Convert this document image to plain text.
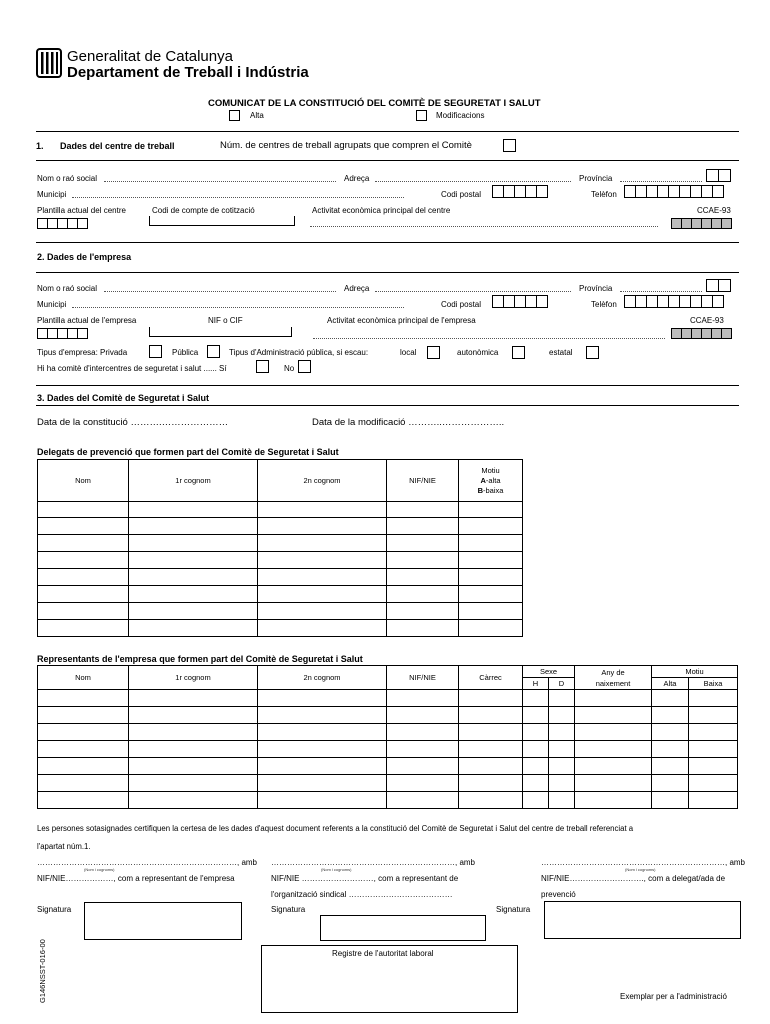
Generalitat de Catalunya
Departament de Treball i Indústria
COMUNICAT DE LA CONSTITUCIÓ DEL COMITÈ DE SEGURETAT I SALUT
Alta	Modificacions
1. Dades del centre de treball	Núm. de centres de treball agrupats que compren el Comitè
Nom o raó social	Adreça	Província
Municipi	Codi postal	Telèfon
Plantilla actual del centre	Codi de compte de cotització	Activitat econòmica principal del centre	CCAE-93
2. Dades de l'empresa
Nom o raó social	Adreça	Província
Municipi	Codi postal	Telèfon
Plantilla actual de l'empresa	NIF o CIF	Activitat econòmica principal de l'empresa	CCAE-93
Tipus d'empresa: Privada	Pública	Tipus d'Administració pública, si escau:	local	autonòmica	estatal
Hi ha comitè d'intercentres de seguretat i salut ...... Sí	No
3. Dades del Comitè de Seguretat i Salut
Data de la constitució ……….…………………	Data de la modificació ………..………………..
Delegats de prevenció que formen part del Comitè de Seguretat i Salut
Nom	1r cognom	2n cognom	NIF/NIE	Motiu
A-alta
B-baixa

Representants de l'empresa que formen part del Comitè de Seguretat i Salut
Nom	1r cognom	2n cognom	NIF/NIE	Càrrec	Sexe		Any de
naixement	Motiu	
					H	D		Alta	Baixa

Les persones sotasignades certifiquen la certesa de les dades d'aquest document referents a la constitució del Comitè de Seguretat i Salut del centre de treball referenciat a
l'apartat núm.1.
…………………………………………………………………, amb
(Nom i cognoms)
NIF/NIE………………, com a representant de l'empresa
Signatura
……………………………………………………………, amb
(Nom i cognoms)
NIF/NIE ………………………, com a representant de
l'organització sindical …………………………………
Signatura
……………………………………………………………, amb
(Nom i cognoms)
NIF/NIE………………………., com a delegat/ada de
prevenció
Signatura
Registre de l'autoritat laboral
G146NSST-016-00	Exemplar per a l'administració
